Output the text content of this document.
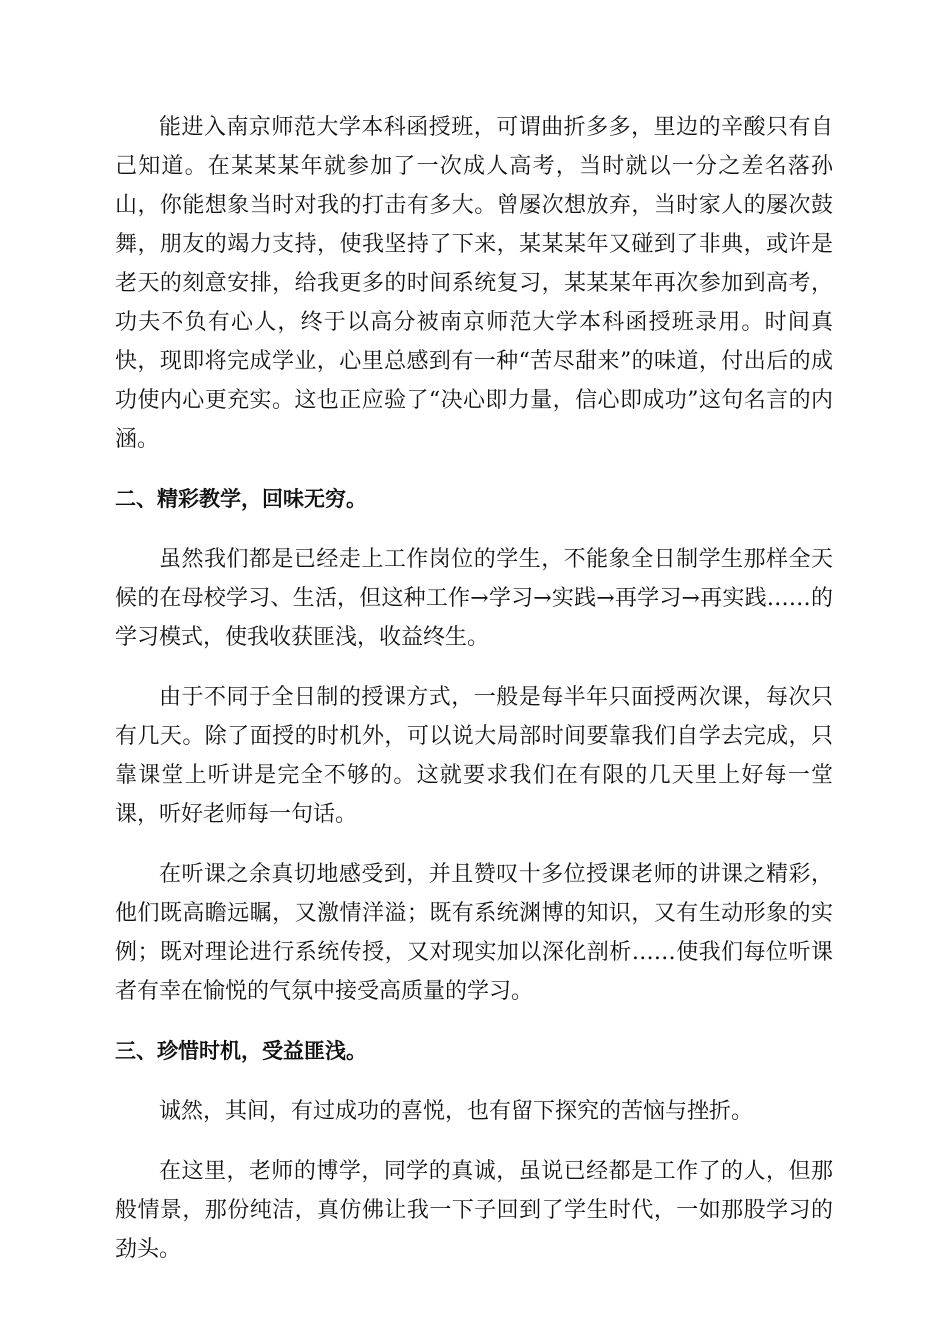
能进入南京师范大学本科函授班，可谓曲折多多，里边的辛酸只有自己知道。在某某某年就参加了一次成人高考，当时就以一分之差名落孙山，你能想象当时对我的打击有多大。曾屡次想放弃，当时家人的屡次鼓舞，朋友的竭力支持，使我坚持了下来，某某某年又碰到了非典，或许是老天的刻意安排，给我更多的时间系统复习，某某某年再次参加到高考，功夫不负有心人，终于以高分被南京师范大学本科函授班录用。时间真快，现即将完成学业，心里总感到有一种“苦尽甜来”的味道，付出后的成功使内心更充实。这也正应验了“决心即力量，信心即成功”这句名言的内涵。

二、精彩教学，回味无穷。

虽然我们都是已经走上工作岗位的学生，不能象全日制学生那样全天候的在母校学习、生活，但这种工作→学习→实践→再学习→再实践……的学习模式，使我收获匪浅，收益终生。

由于不同于全日制的授课方式，一般是每半年只面授两次课，每次只有几天。除了面授的时机外，可以说大局部时间要靠我们自学去完成，只靠课堂上听讲是完全不够的。这就要求我们在有限的几天里上好每一堂课，听好老师每一句话。

在听课之余真切地感受到，并且赞叹十多位授课老师的讲课之精彩，他们既高瞻远瞩，又激情洋溢；既有系统渊博的知识，又有生动形象的实例；既对理论进行系统传授，又对现实加以深化剖析……使我们每位听课者有幸在愉悦的气氛中接受高质量的学习。

三、珍惜时机，受益匪浅。

诚然，其间，有过成功的喜悦，也有留下探究的苦恼与挫折。

在这里，老师的博学，同学的真诚，虽说已经都是工作了的人，但那般情景，那份纯洁，真仿佛让我一下子回到了学生时代，一如那股学习的劲头。
